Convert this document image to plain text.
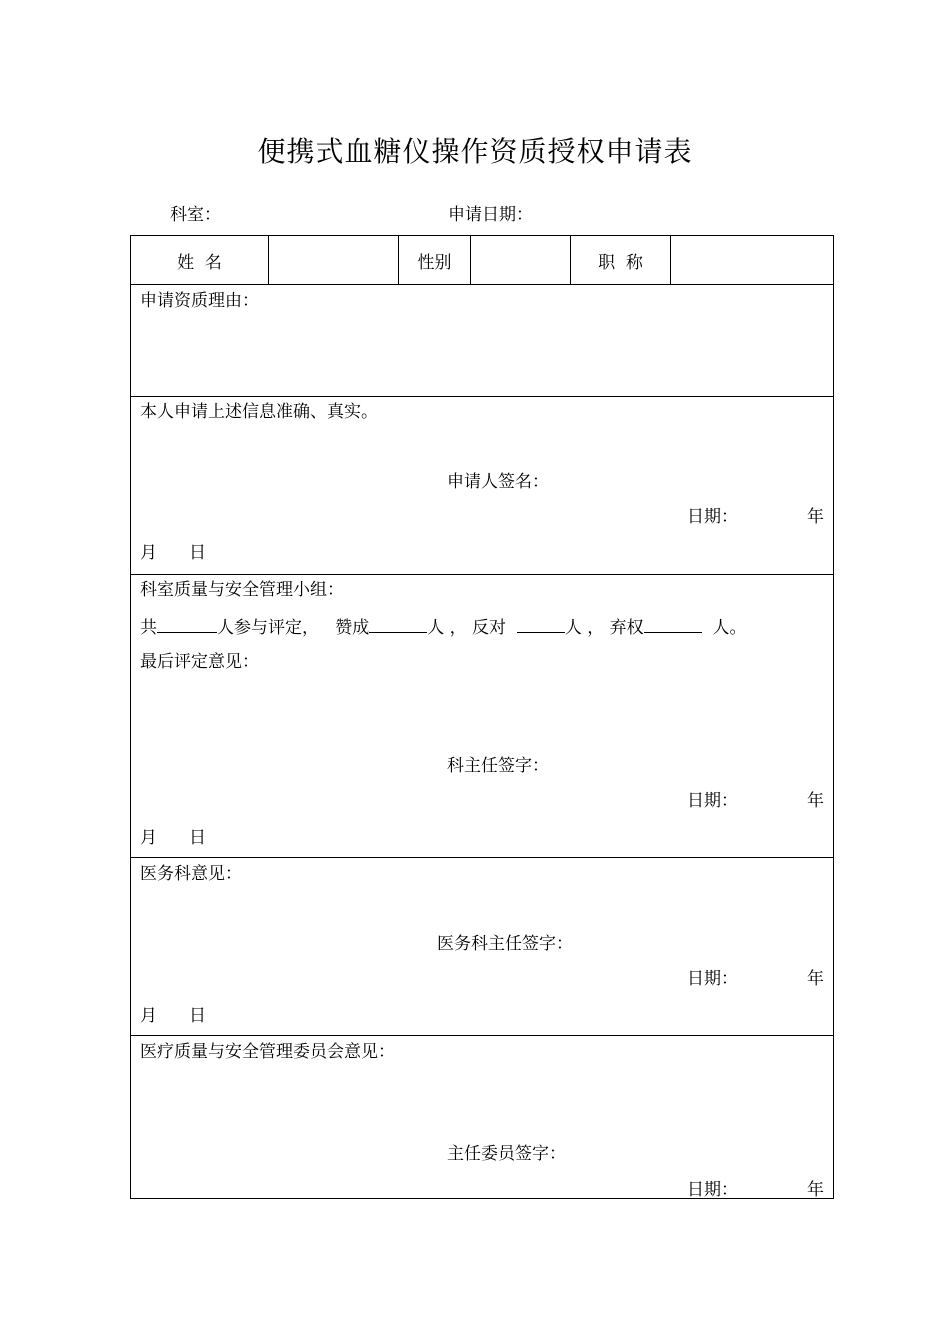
便携式血糖仪操作资质授权申请表
科室：	申请日期：
姓  名	性别	职  称
申请资质理由：
本人申请上述信息准确、真实。
申请人签名：
日期：	年
月 日
科室质量与安全管理小组：
共	人参与评定， 赞成	人 ， 反对	人 ， 弃权	人。
最后评定意见：
科主任签字：
日期：	年
月 日
医务科意见：
医务科主任签字：
日期：	年
月 日
医疗质量与安全管理委员会意见：
主任委员签字：
日期：	年
